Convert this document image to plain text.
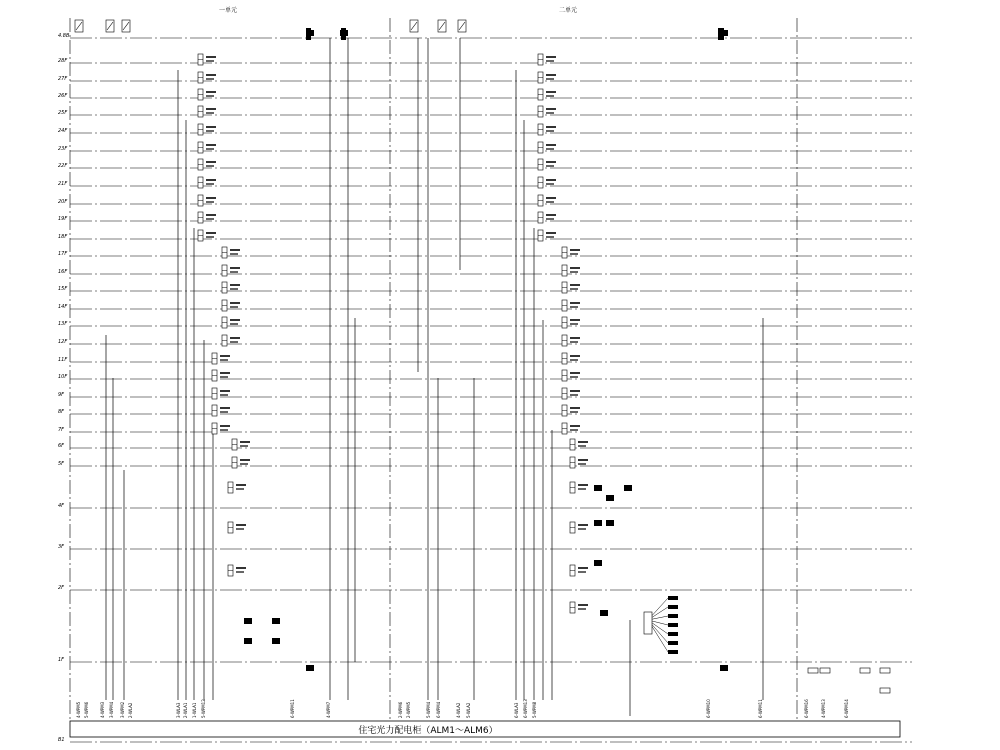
4.8B
28F
27F
26F
25F
24F
23F
22F
21F
20F
19F
18F
17F
16F
15F
14F
13F
12F
11F
10F
9F
8F
7F
6F
5F
4F
3F
2F
1F
B1
4-WPM5 5-WPM6	4-WPM3 3-WPM4 3-WPM2 2-WLA2	3-WLA3 2-WLA1 1-WLA1 5-WPM12	6-WPM11	4-WPM7	2-WPM6 2-WPM5	5-WPM4 6-WPM4	4-WLA2 5-WLA2	6-WLA3 6-WPM13 5-WPM8	6-WPM10	6-WPM11	6-WPM16	4-WPM13	6-WPM14
一单元	二单元
住宅光力配电柜（ALM1～ALM6）
